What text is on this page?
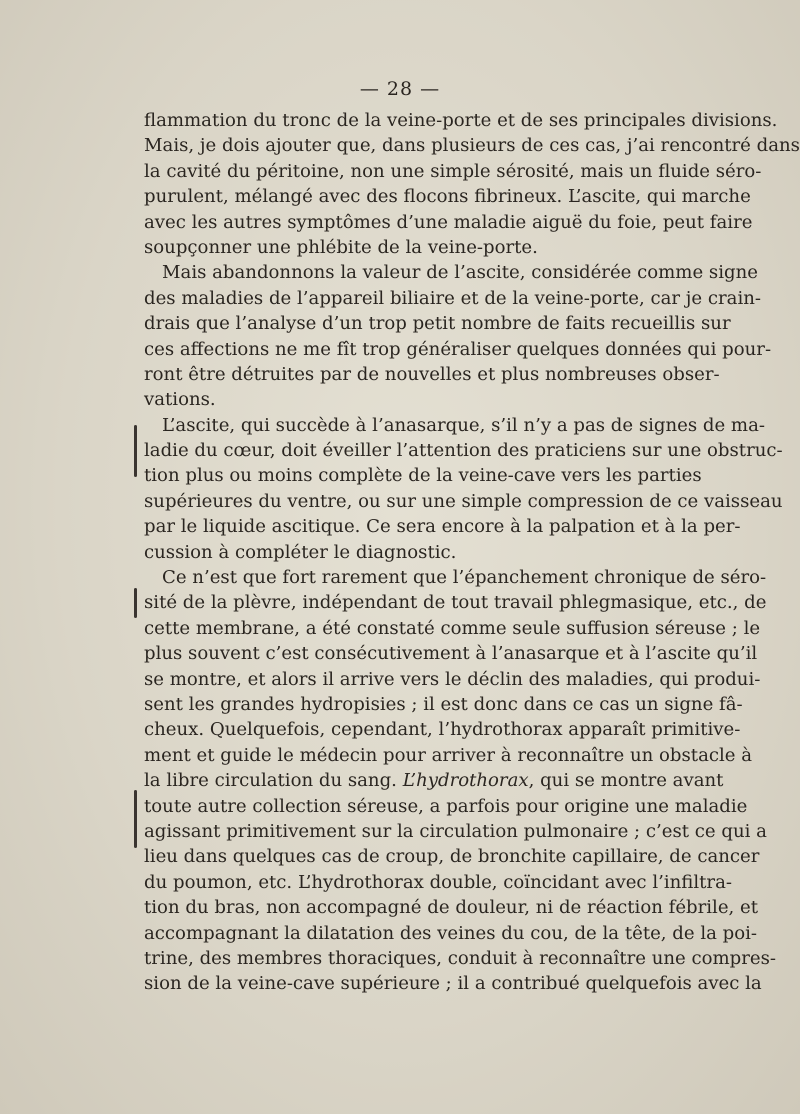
— 28 —
flammation du tronc de la veine-porte et de ses principales divisions.
Mais, je dois ajouter que, dans plusieurs de ces cas, j’ai rencontré dans
la cavité du péritoine, non une simple sérosité, mais un fluide séro-
purulent, mélangé avec des flocons fibrineux. L’ascite, qui marche
avec les autres symptômes d’une maladie aiguë du foie, peut faire
soupçonner une phlébite de la veine-porte.
Mais abandonnons la valeur de l’ascite, considérée comme signe
des maladies de l’appareil biliaire et de la veine-porte, car je crain-
drais que l’analyse d’un trop petit nombre de faits recueillis sur
ces affections ne me fît trop généraliser quelques données qui pour-
ront être détruites par de nouvelles et plus nombreuses obser-
vations.
L’ascite, qui succède à l’anasarque, s’il n’y a pas de signes de ma-
ladie du cœur, doit éveiller l’attention des praticiens sur une obstruc-
tion plus ou moins complète de la veine-cave vers les parties
supérieures du ventre, ou sur une simple compression de ce vaisseau
par le liquide ascitique. Ce sera encore à la palpation et à la per-
cussion à compléter le diagnostic.
Ce n’est que fort rarement que l’épanchement chronique de séro-
sité de la plèvre, indépendant de tout travail phlegmasique, etc., de
cette membrane, a été constaté comme seule suffusion séreuse ; le
plus souvent c’est consécutivement à l’anasarque et à l’ascite qu’il
se montre, et alors il arrive vers le déclin des maladies, qui produi-
sent les grandes hydropisies ; il est donc dans ce cas un signe fâ-
cheux. Quelquefois, cependant, l’hydrothorax apparaît primitive-
ment et guide le médecin pour arriver à reconnaître un obstacle à
la libre circulation du sang. L’hydrothorax, qui se montre avant
toute autre collection séreuse, a parfois pour origine une maladie
agissant primitivement sur la circulation pulmonaire ; c’est ce qui a
lieu dans quelques cas de croup, de bronchite capillaire, de cancer
du poumon, etc. L’hydrothorax double, coïncidant avec l’infiltra-
tion du bras, non accompagné de douleur, ni de réaction fébrile, et
accompagnant la dilatation des veines du cou, de la tête, de la poi-
trine, des membres thoraciques, conduit à reconnaître une compres-
sion de la veine-cave supérieure ; il a contribué quelquefois avec la
